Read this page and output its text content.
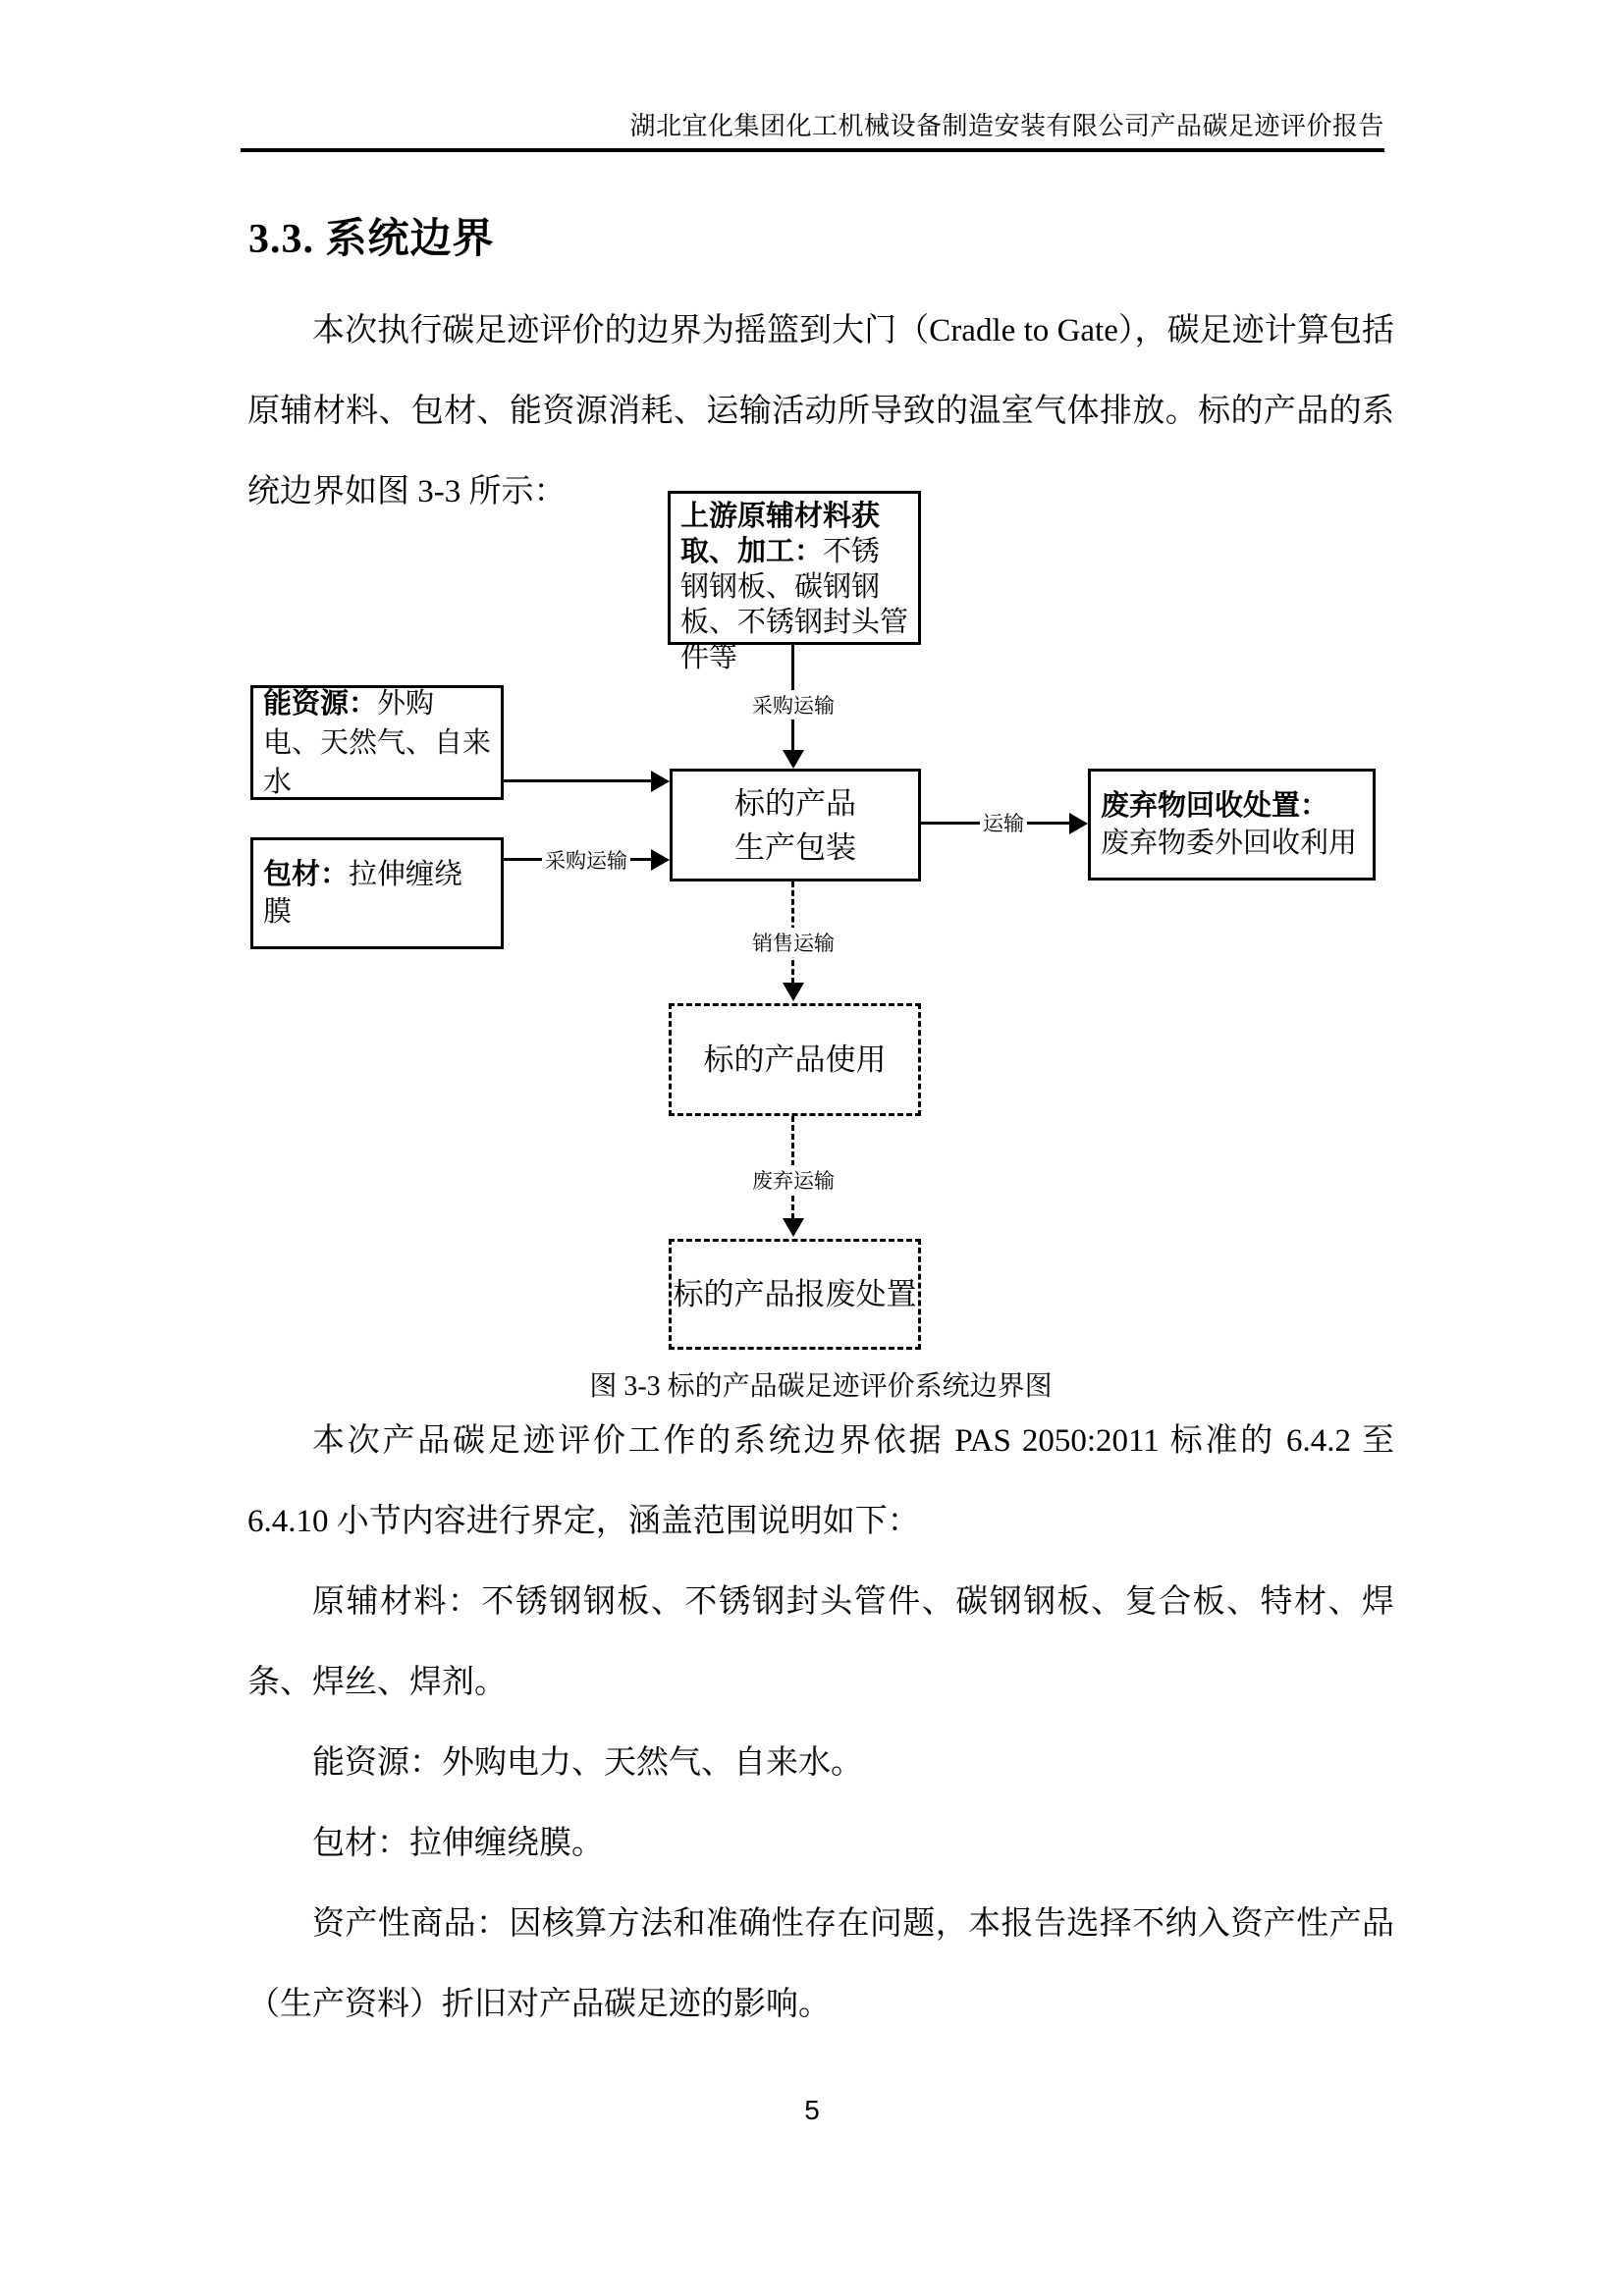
湖北宜化集团化工机械设备制造安装有限公司产品碳足迹评价报告
3.3. 系统边界

本次执行碳足迹评价的边界为摇篮到大门（Cradle to Gate），碳足迹计算包括原辅材料、包材、能资源消耗、运输活动所导致的温室气体排放。标的产品的系统边界如图 3-3 所示：

上游原辅材料获取、加工：不锈钢钢板、碳钢钢板、不锈钢封头管件等
能资源：外购电、天然气、自来水
包材：拉伸缠绕膜
标的产品
生产包装
废弃物回收处置：
废弃物委外回收利用
标的产品使用
标的产品报废处置
采购运输
采购运输
运输
销售运输
废弃运输
图 3-3 标的产品碳足迹评价系统边界图

本次产品碳足迹评价工作的系统边界依据 PAS 2050:2011 标准的 6.4.2 至 6.4.10 小节内容进行界定，涵盖范围说明如下：

原辅材料：不锈钢钢板、不锈钢封头管件、碳钢钢板、复合板、特材、焊条、焊丝、焊剂。

能资源：外购电力、天然气、自来水。

包材：拉伸缠绕膜。

资产性商品：因核算方法和准确性存在问题，本报告选择不纳入资产性产品（生产资料）折旧对产品碳足迹的影响。

5
